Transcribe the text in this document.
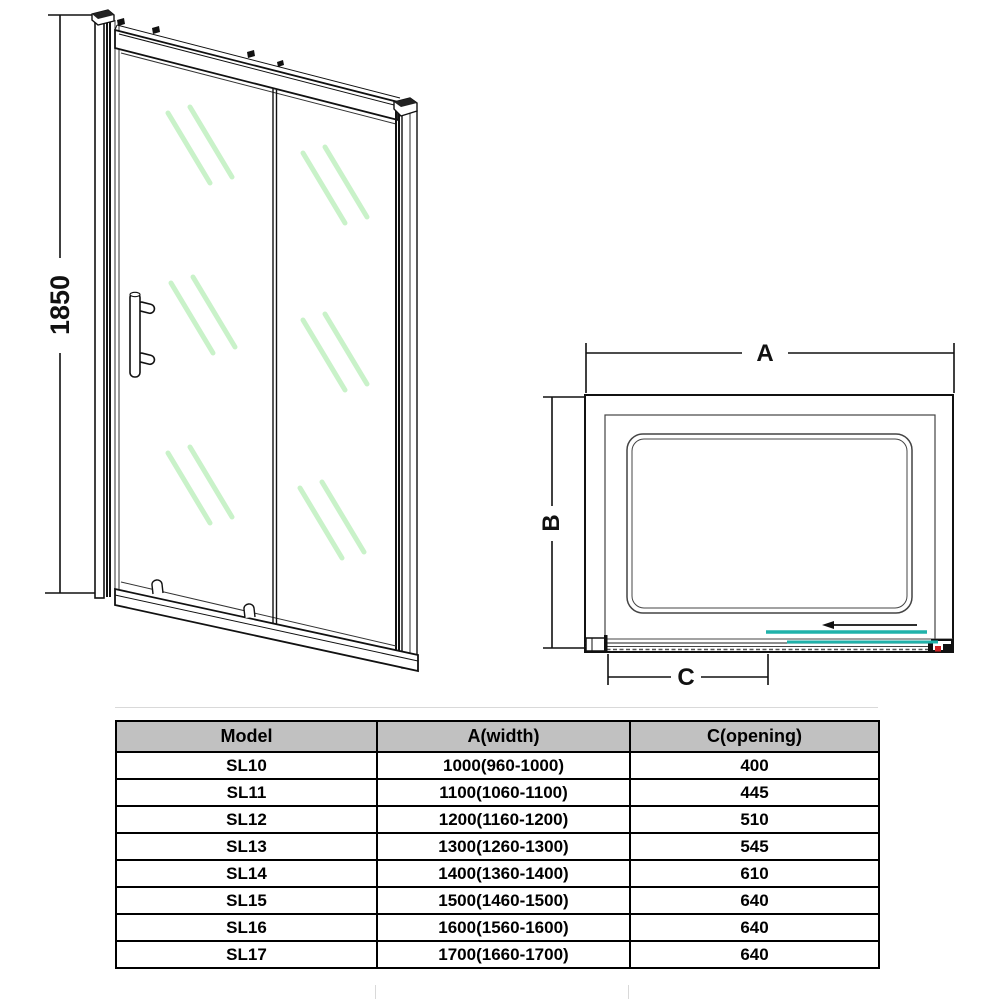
1850
A
B
C
Model	A(width)	C(opening)
SL10	1000(960-1000)	400
SL11	1100(1060-1100)	445
SL12	1200(1160-1200)	510
SL13	1300(1260-1300)	545
SL14	1400(1360-1400)	610
SL15	1500(1460-1500)	640
SL16	1600(1560-1600)	640
SL17	1700(1660-1700)	640
